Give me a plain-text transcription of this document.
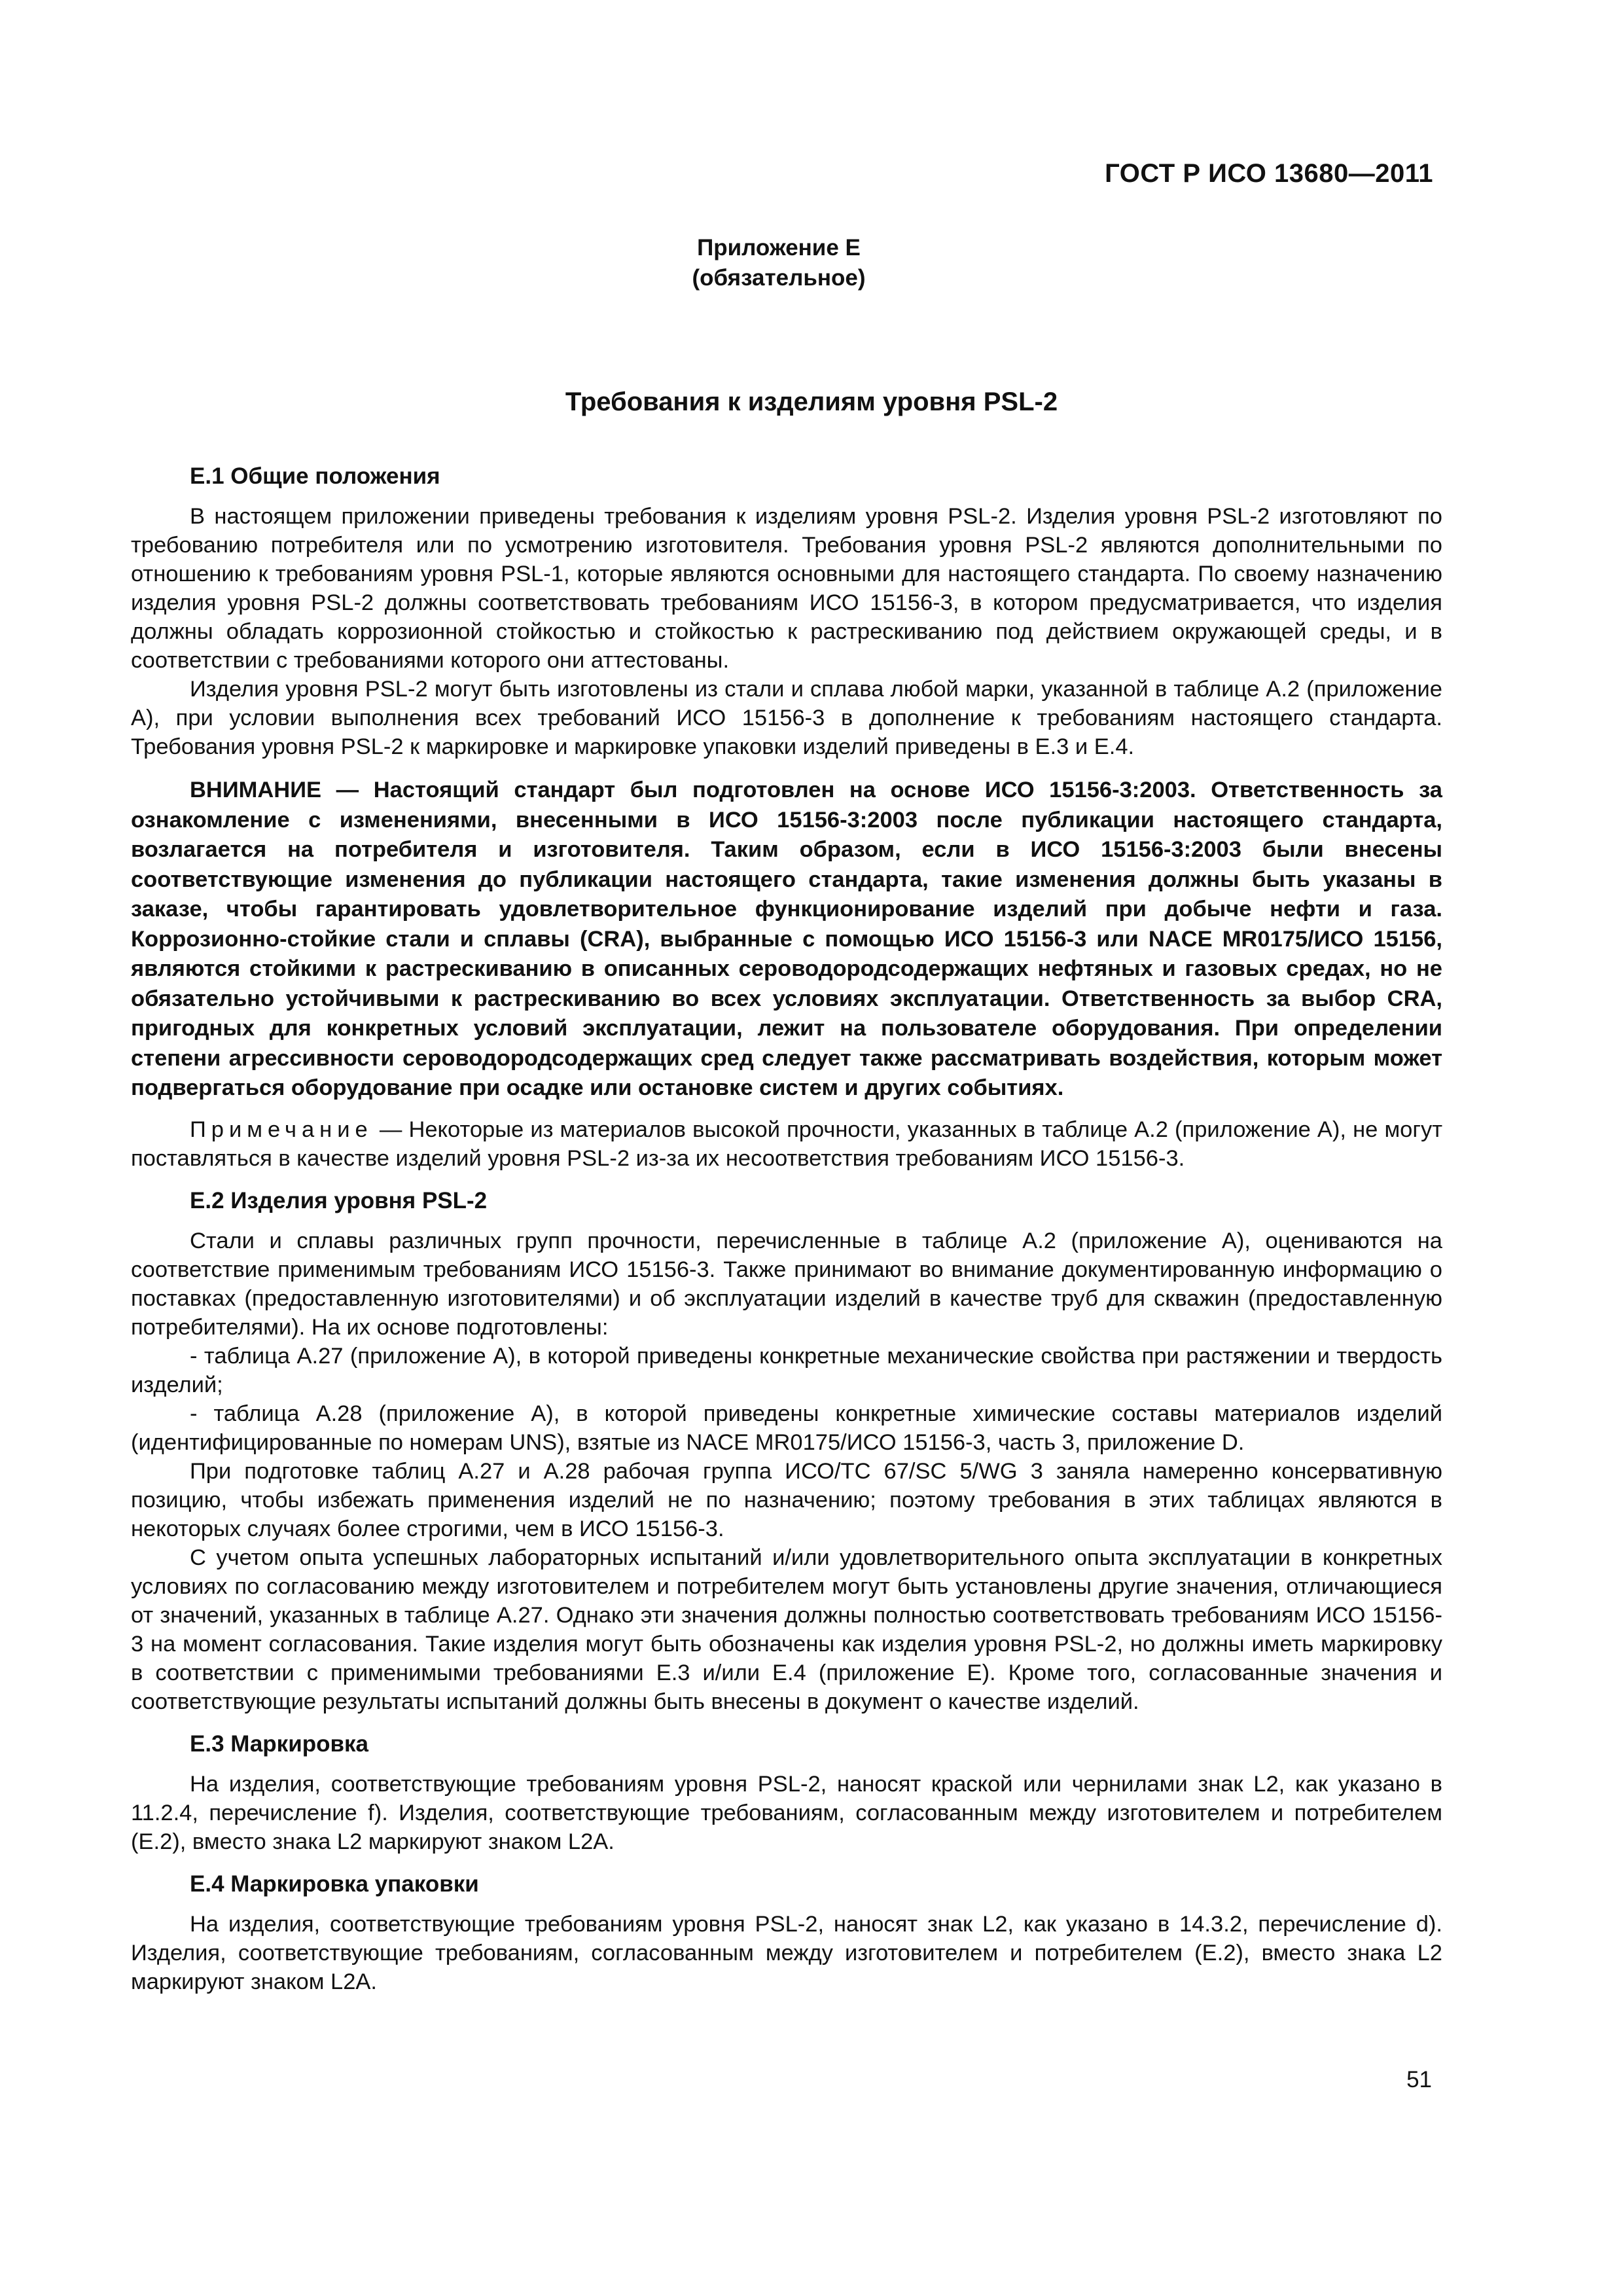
ГОСТ Р ИСО 13680—2011
Приложение Е
(обязательное)
Требования к изделиям уровня PSL-2
Е.1 Общие положения

В настоящем приложении приведены требования к изделиям уровня PSL-2. Изделия уровня PSL-2 изготовляют по требованию потребителя или по усмотрению изготовителя. Требования уровня PSL-2 являются дополнительными по отношению к требованиям уровня PSL-1, которые являются основными для настоящего стандарта. По своему назначению изделия уровня PSL-2 должны соответствовать требованиям ИСО 15156-3, в котором предусматривается, что изделия должны обладать коррозионной стойкостью и стойкостью к растрескиванию под действием окружающей среды, и в соответствии с требованиями которого они аттестованы.

Изделия уровня PSL-2 могут быть изготовлены из стали и сплава любой марки, указанной в таблице А.2 (приложение А), при условии выполнения всех требований ИСО 15156-3 в дополнение к требованиям настоящего стандарта. Требования уровня PSL-2 к маркировке и маркировке упаковки изделий приведены в Е.3 и Е.4.

ВНИМАНИЕ — Настоящий стандарт был подготовлен на основе ИСО 15156-3:2003. Ответственность за ознакомление с изменениями, внесенными в ИСО 15156-3:2003 после публикации настоящего стандарта, возлагается на потребителя и изготовителя. Таким образом, если в ИСО 15156-3:2003 были внесены соответствующие изменения до публикации настоящего стандарта, такие изменения должны быть указаны в заказе, чтобы гарантировать удовлетворительное функционирование изделий при добыче нефти и газа. Коррозионно-стойкие стали и сплавы (CRA), выбранные с помощью ИСО 15156-3 или NACE MR0175/ИСО 15156, являются стойкими к растрескиванию в описанных сероводородсодержащих нефтяных и газовых средах, но не обязательно устойчивыми к растрескиванию во всех условиях эксплуатации. Ответственность за выбор CRA, пригодных для конкретных условий эксплуатации, лежит на пользователе оборудования. При определении степени агрессивности сероводородсодержащих сред следует также рассматривать воздействия, которым может подвергаться оборудование при осадке или остановке систем и других событиях.

Примечание — Некоторые из материалов высокой прочности, указанных в таблице А.2 (приложение А), не могут поставляться в качестве изделий уровня PSL-2 из-за их несоответствия требованиям ИСО 15156-3.

Е.2 Изделия уровня PSL-2

Стали и сплавы различных групп прочности, перечисленные в таблице А.2 (приложение А), оцениваются на соответствие применимым требованиям ИСО 15156-3. Также принимают во внимание документированную информацию о поставках (предоставленную изготовителями) и об эксплуатации изделий в качестве труб для скважин (предоставленную потребителями). На их основе подготовлены:

- таблица А.27 (приложение А), в которой приведены конкретные механические свойства при растяжении и твердость изделий;

- таблица А.28 (приложение А), в которой приведены конкретные химические составы материалов изделий (идентифицированные по номерам UNS), взятые из NACE MR0175/ИСО 15156-3, часть 3, приложение D.

При подготовке таблиц А.27 и А.28 рабочая группа ИСО/ТС 67/SC 5/WG 3 заняла намеренно консервативную позицию, чтобы избежать применения изделий не по назначению; поэтому требования в этих таблицах являются в некоторых случаях более строгими, чем в ИСО 15156-3.

С учетом опыта успешных лабораторных испытаний и/или удовлетворительного опыта эксплуатации в конкретных условиях по согласованию между изготовителем и потребителем могут быть установлены другие значения, отличающиеся от значений, указанных в таблице А.27. Однако эти значения должны полностью соответствовать требованиям ИСО 15156-3 на момент согласования. Такие изделия могут быть обозначены как изделия уровня PSL-2, но должны иметь маркировку в соответствии с применимыми требованиями Е.3 и/или Е.4 (приложение Е). Кроме того, согласованные значения и соответствующие результаты испытаний должны быть внесены в документ о качестве изделий.

Е.3 Маркировка

На изделия, соответствующие требованиям уровня PSL-2, наносят краской или чернилами знак L2, как указано в 11.2.4, перечисление f). Изделия, соответствующие требованиям, согласованным между изготовителем и потребителем (Е.2), вместо знака L2 маркируют знаком L2A.

Е.4 Маркировка упаковки

На изделия, соответствующие требованиям уровня PSL-2, наносят знак L2, как указано в 14.3.2, перечисление d). Изделия, соответствующие требованиям, согласованным между изготовителем и потребителем (Е.2), вместо знака L2 маркируют знаком L2A.

51
